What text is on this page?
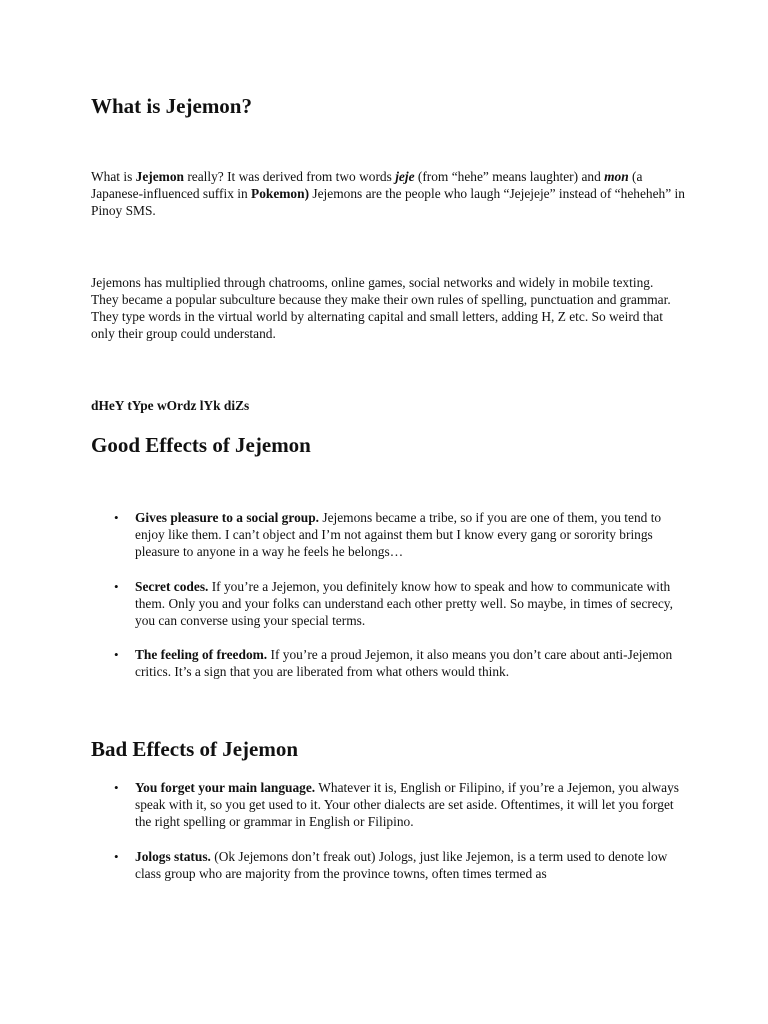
What is Jejemon?

What is Jejemon really? It was derived from two words jeje (from “hehe” means laughter) and mon (a Japanese-influenced suffix in Pokemon) Jejemons are the people who laugh “Jejejeje” instead of “heheheh” in Pinoy SMS.

Jejemons has multiplied through chatrooms, online games, social networks and widely in mobile texting. They became a popular subculture because they make their own rules of spelling, punctuation and grammar. They type words in the virtual world by alternating capital and small letters, adding H, Z etc. So weird that only their group could understand.

dHeY tYpe wOrdz lYk diZs

Good Effects of Jejemon
• Gives pleasure to a social group. Jejemons became a tribe, so if you are one of them, you tend to enjoy like them. I can’t object and I’m not against them but I know every gang or sorority brings pleasure to anyone in a way he feels he belongs…
• Secret codes. If you’re a Jejemon, you definitely know how to speak and how to communicate with them. Only you and your folks can understand each other pretty well. So maybe, in times of secrecy, you can converse using your special terms.
• The feeling of freedom. If you’re a proud Jejemon, it also means you don’t care about anti-Jejemon critics. It’s a sign that you are liberated from what others would think.
Bad Effects of Jejemon
• You forget your main language. Whatever it is, English or Filipino, if you’re a Jejemon, you always speak with it, so you get used to it. Your other dialects are set aside. Oftentimes, it will let you forget the right spelling or grammar in English or Filipino.
• Jologs status. (Ok Jejemons don’t freak out) Jologs, just like Jejemon, is a term used to denote low class group who are majority from the province towns, often times termed as
